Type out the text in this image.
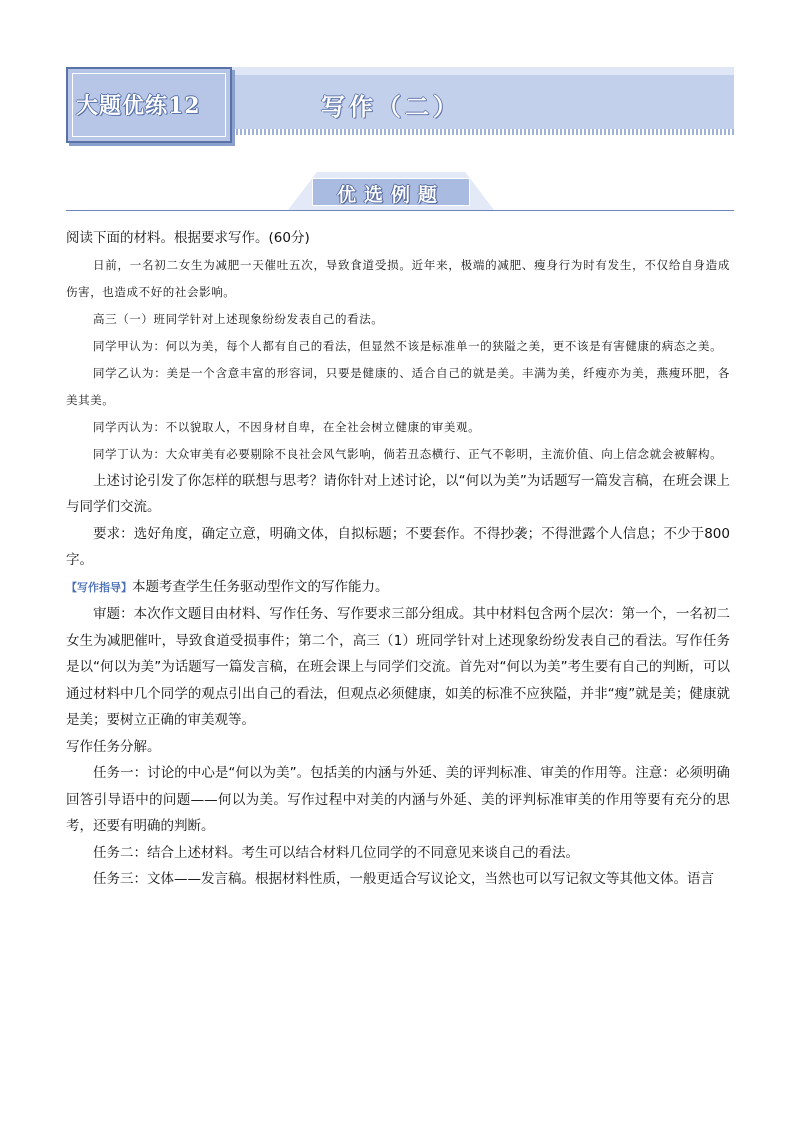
大题优练12	写作（二）
优选例题

阅读下面的材料。根据要求写作。(60分)

日前，一名初二女生为减肥一天催吐五次，导致食道受损。近年来，极端的减肥、瘦身行为时有发生，不仅给自身造成伤害，也造成不好的社会影响。

高三（一）班同学针对上述现象纷纷发表自己的看法。

同学甲认为：何以为美，每个人都有自己的看法，但显然不该是标准单一的狭隘之美，更不该是有害健康的病态之美。

同学乙认为：美是一个含意丰富的形容词，只要是健康的、适合自己的就是美。丰满为美，纤瘦亦为美，燕瘦环肥，各美其美。

同学丙认为：不以貌取人，不因身材自卑，在全社会树立健康的审美观。

同学丁认为：大众审美有必要剔除不良社会风气影响，倘若丑态横行、正气不彰明，主流价值、向上信念就会被解构。

上述讨论引发了你怎样的联想与思考？请你针对上述讨论，以“何以为美”为话题写一篇发言稿，在班会课上与同学们交流。

要求：选好角度，确定立意，明确文体，自拟标题；不要套作。不得抄袭；不得泄露个人信息；不少于800字。

【写作指导】本题考查学生任务驱动型作文的写作能力。

审题：本次作文题目由材料、写作任务、写作要求三部分组成。其中材料包含两个层次：第一个，一名初二女生为减肥催叶，导致食道受损事件；第二个，高三（1）班同学针对上述现象纷纷发表自己的看法。写作任务是以“何以为美”为话题写一篇发言稿，在班会课上与同学们交流。首先对“何以为美”考生要有自己的判断，可以通过材料中几个同学的观点引出自己的看法，但观点必须健康，如美的标准不应狭隘，并非“瘦”就是美；健康就是美；要树立正确的审美观等。

写作任务分解。

任务一：讨论的中心是“何以为美”。包括美的内涵与外延、美的评判标准、审美的作用等。注意：必须明确回答引导语中的问题——何以为美。写作过程中对美的内涵与外延、美的评判标准审美的作用等要有充分的思考，还要有明确的判断。

任务二：结合上述材料。考生可以结合材料几位同学的不同意见来谈自己的看法。

任务三：文体——发言稿。根据材料性质，一般更适合写议论文，当然也可以写记叙文等其他文体。语言
